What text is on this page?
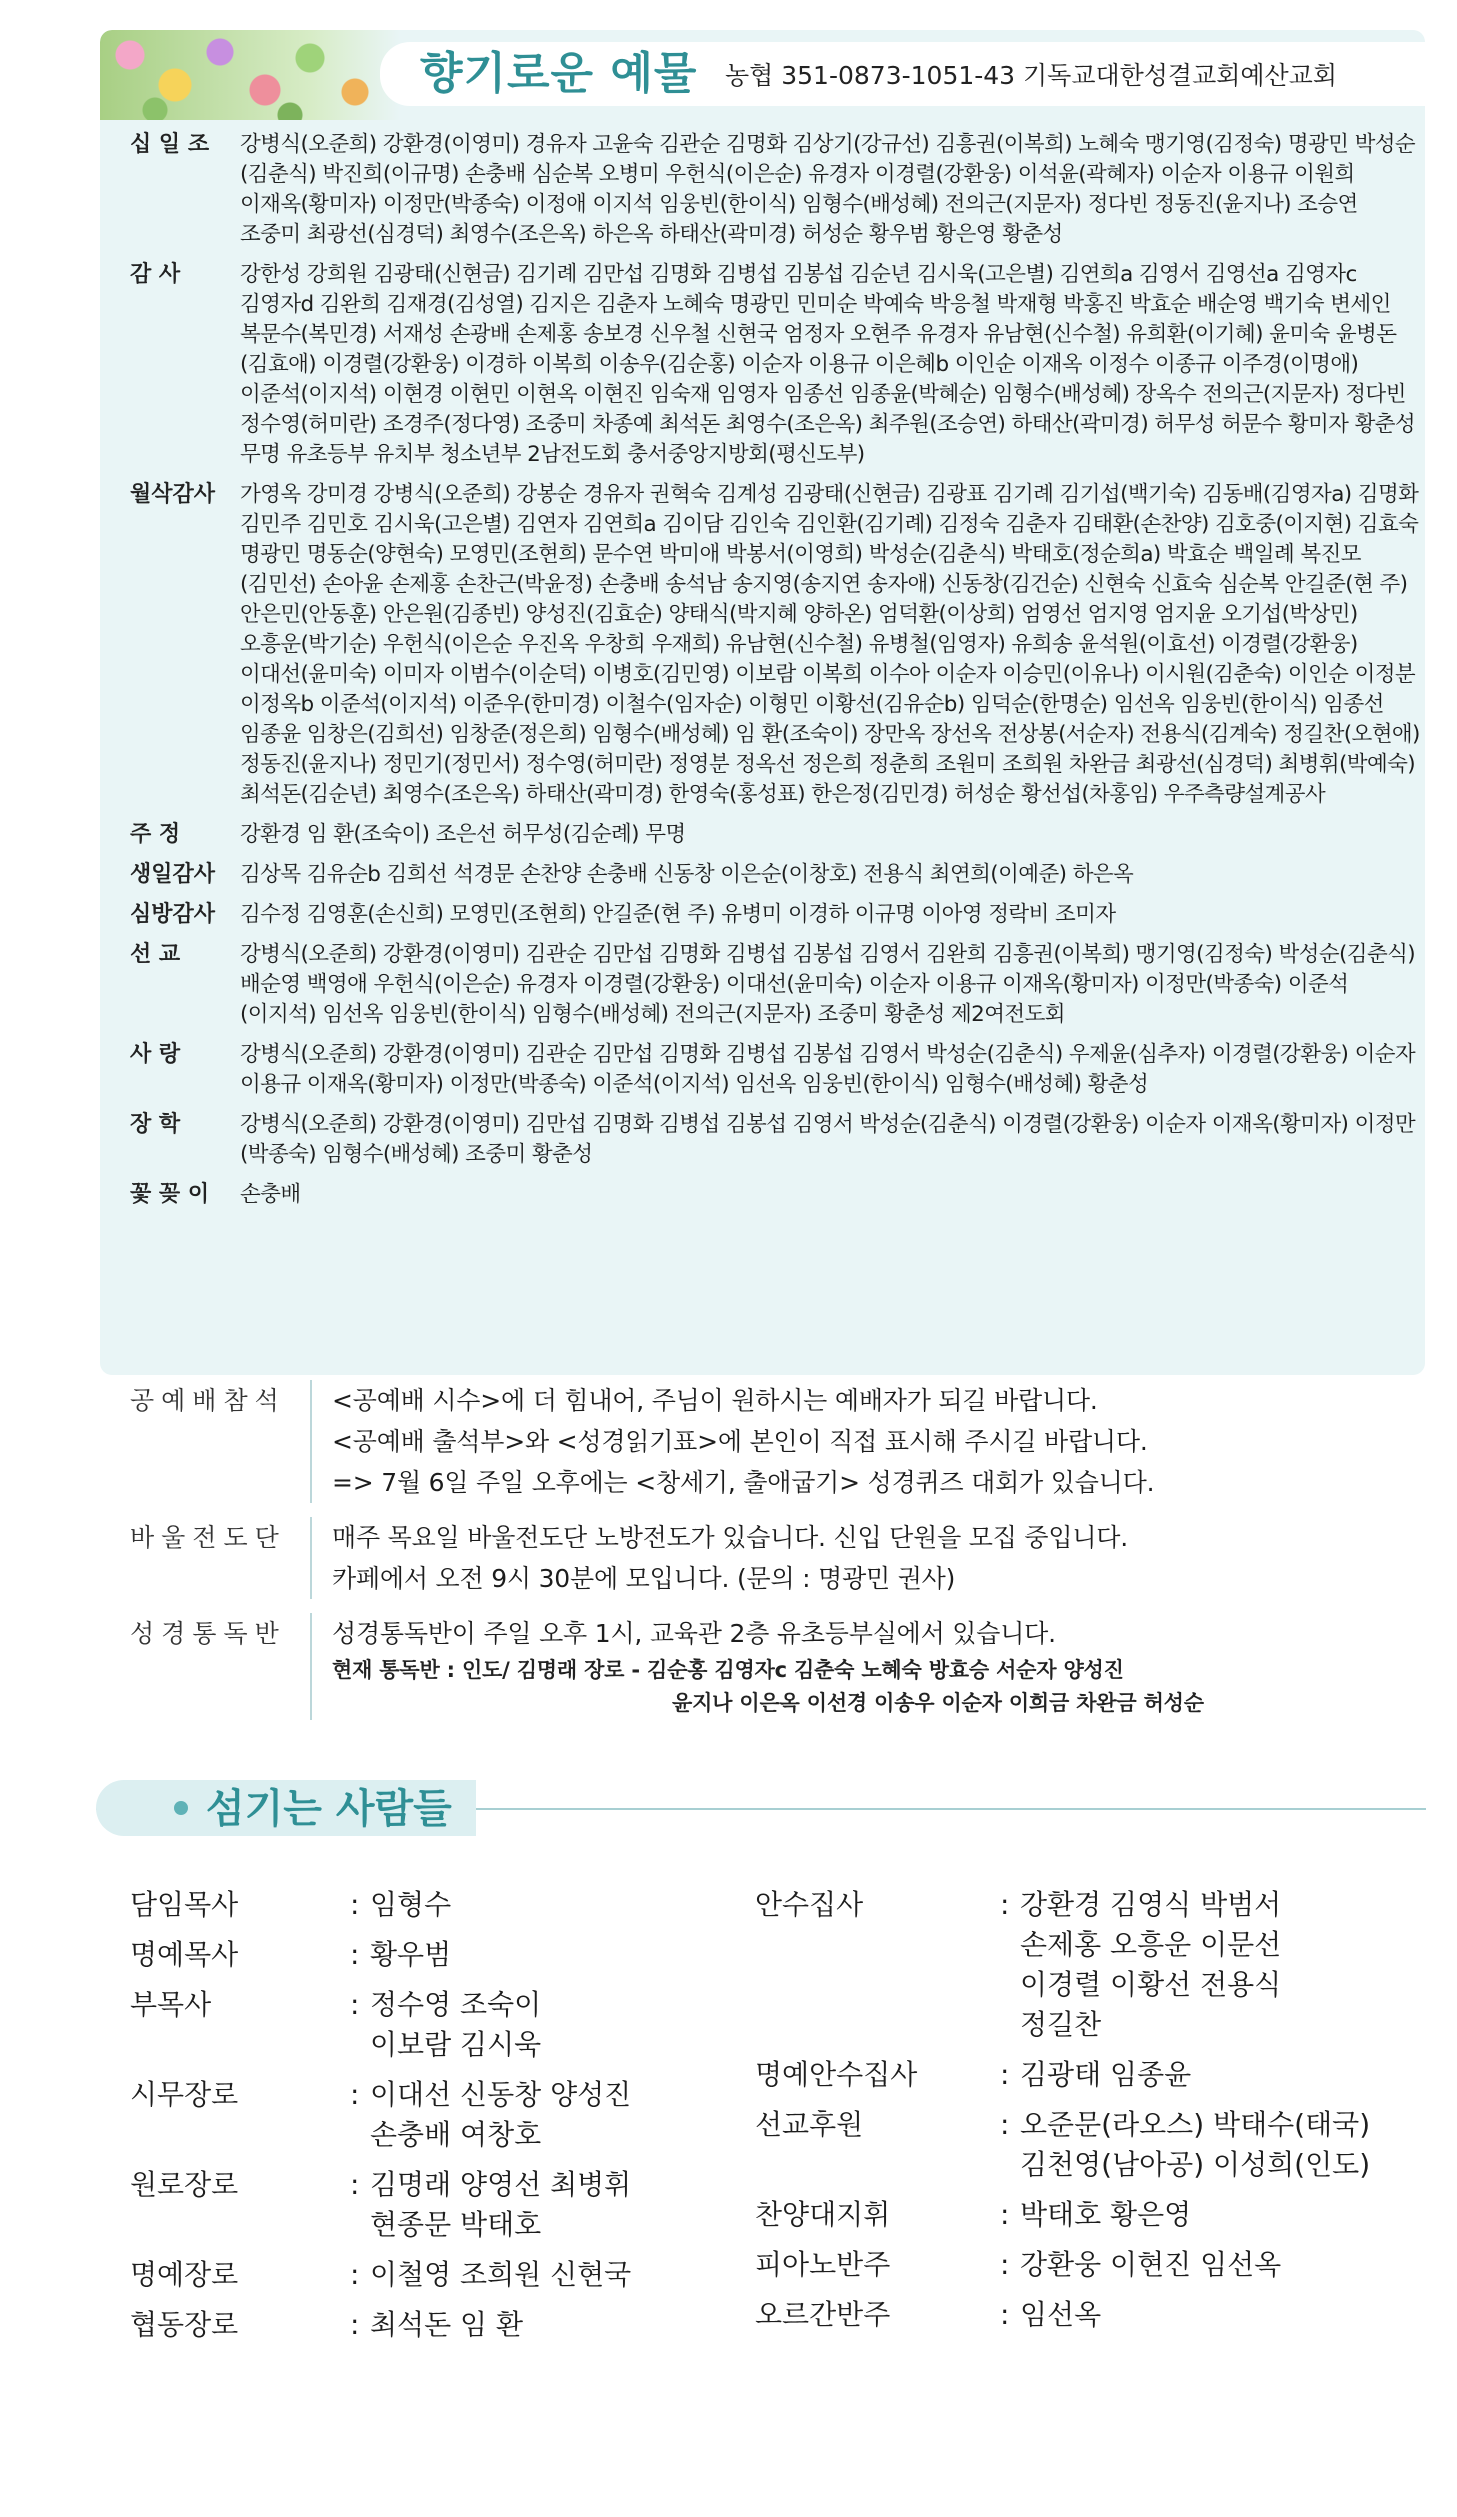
향기로운 예물 농협 351-0873-1051-43 기독교대한성결교회예산교회
십 일 조	강병식(오준희) 강환경(이영미) 경유자 고윤숙 김관순 김명화 김상기(강규선) 김흥권(이복희) 노혜숙 맹기영(김정숙) 명광민 박성순(김춘식) 박진희(이규명) 손충배 심순복 오병미 우헌식(이은순) 유경자 이경렬(강환웅) 이석윤(곽혜자) 이순자 이용규 이원희 이재옥(황미자) 이정만(박종숙) 이정애 이지석 임웅빈(한이식) 임형수(배성혜) 전의근(지문자) 정다빈 정동진(윤지나) 조승연 조중미 최광선(심경덕) 최영수(조은옥) 하은옥 하태산(곽미경) 허성순 황우범 황은영 황춘성
감 사	강한성 강희원 김광태(신현금) 김기례 김만섭 김명화 김병섭 김봉섭 김순년 김시욱(고은별) 김연희a 김영서 김영선a 김영자c 김영자d 김완희 김재경(김성열) 김지은 김춘자 노혜숙 명광민 민미순 박예숙 박응철 박재형 박홍진 박효순 배순영 백기숙 변세인 복문수(복민경) 서재성 손광배 손제홍 송보경 신우철 신현국 엄정자 오현주 유경자 유남현(신수철) 유희환(이기혜) 윤미숙 윤병돈(김효애) 이경렬(강환웅) 이경하 이복희 이송우(김순홍) 이순자 이용규 이은혜b 이인순 이재옥 이정수 이종규 이주경(이명애) 이준석(이지석) 이현경 이현민 이현옥 이현진 임숙재 임영자 임종선 임종윤(박혜순) 임형수(배성혜) 장옥수 전의근(지문자) 정다빈 정수영(허미란) 조경주(정다영) 조중미 차종예 최석돈 최영수(조은옥) 최주원(조승연) 하태산(곽미경) 허무성 허문수 황미자 황춘성 무명 유초등부 유치부 청소년부 2남전도회 충서중앙지방회(평신도부)
월삭감사	가영옥 강미경 강병식(오준희) 강봉순 경유자 권혁숙 김계성 김광태(신현금) 김광표 김기례 김기섭(백기숙) 김동배(김영자a) 김명화 김민주 김민호 김시욱(고은별) 김연자 김연희a 김이담 김인숙 김인환(김기례) 김정숙 김춘자 김태환(손찬양) 김호중(이지현) 김효숙 명광민 명동순(양현숙) 모영민(조현희) 문수연 박미애 박봉서(이영희) 박성순(김춘식) 박태호(정순희a) 박효순 백일례 복진모(김민선) 손아윤 손제홍 손찬근(박윤정) 손충배 송석남 송지영(송지연 송자애) 신동창(김건순) 신현숙 신효숙 심순복 안길준(현 주) 안은민(안동훈) 안은원(김종빈) 양성진(김효순) 양태식(박지혜 양하온) 엄덕환(이상희) 엄영선 엄지영 엄지윤 오기섭(박상민) 오흥운(박기순) 우헌식(이은순 우진옥 우창희 우재희) 유남현(신수철) 유병철(임영자) 유희송 윤석원(이효선) 이경렬(강환웅) 이대선(윤미숙) 이미자 이범수(이순덕) 이병호(김민영) 이보람 이복희 이수아 이순자 이승민(이유나) 이시원(김춘숙) 이인순 이정분 이정옥b 이준석(이지석) 이준우(한미경) 이철수(임자순) 이형민 이황선(김유순b) 임덕순(한명순) 임선옥 임웅빈(한이식) 임종선 임종윤 임창은(김희선) 임창준(정은희) 임형수(배성혜) 임 환(조숙이) 장만옥 장선옥 전상봉(서순자) 전용식(김계숙) 정길찬(오현애) 정동진(윤지나) 정민기(정민서) 정수영(허미란) 정영분 정옥선 정은희 정춘희 조원미 조희원 차완금 최광선(심경덕) 최병휘(박예숙) 최석돈(김순년) 최영수(조은옥) 하태산(곽미경) 한영숙(홍성표) 한은정(김민경) 허성순 황선섭(차홍임) 우주측량설계공사
주 정	강환경 임 환(조숙이) 조은선 허무성(김순례) 무명
생일감사	김상목 김유순b 김희선 석경문 손찬양 손충배 신동창 이은순(이창호) 전용식 최연희(이예준) 하은옥
심방감사	김수정 김영훈(손신희) 모영민(조현희) 안길준(현 주) 유병미 이경하 이규명 이아영 정락비 조미자
선 교	강병식(오준희) 강환경(이영미) 김관순 김만섭 김명화 김병섭 김봉섭 김영서 김완희 김흥권(이복희) 맹기영(김정숙) 박성순(김춘식) 배순영 백영애 우헌식(이은순) 유경자 이경렬(강환웅) 이대선(윤미숙) 이순자 이용규 이재옥(황미자) 이정만(박종숙) 이준석(이지석) 임선옥 임웅빈(한이식) 임형수(배성혜) 전의근(지문자) 조중미 황춘성 제2여전도회
사 랑	강병식(오준희) 강환경(이영미) 김관순 김만섭 김명화 김병섭 김봉섭 김영서 박성순(김춘식) 우제윤(심추자) 이경렬(강환웅) 이순자 이용규 이재옥(황미자) 이정만(박종숙) 이준석(이지석) 임선옥 임웅빈(한이식) 임형수(배성혜) 황춘성
장 학	강병식(오준희) 강환경(이영미) 김만섭 김명화 김병섭 김봉섭 김영서 박성순(김춘식) 이경렬(강환웅) 이순자 이재옥(황미자) 이정만(박종숙) 임형수(배성혜) 조중미 황춘성
꽃 꽂 이	손충배
공예배참석	<공예배 시수>에 더 힘내어, 주님이 원하시는 예배자가 되길 바랍니다.
<공예배 출석부>와 <성경읽기표>에 본인이 직접 표시해 주시길 바랍니다.
=> 7월 6일 주일 오후에는 <창세기, 출애굽기> 성경퀴즈 대회가 있습니다.
바울전도단	매주 목요일 바울전도단 노방전도가 있습니다. 신입 단원을 모집 중입니다.
카페에서 오전 9시 30분에 모입니다. (문의 : 명광민 권사)
성경통독반	성경통독반이 주일 오후 1시, 교육관 2층 유초등부실에서 있습니다.
현재 통독반 : 인도/ 김명래 장로 - 김순홍 김영자c 김춘숙 노혜숙 방효승 서순자 양성진
윤지나 이은옥 이선경 이송우 이순자 이희금 차완금 허성순
섬기는 사람들
담임목사	: 임형수
명예목사	: 황우범
부목사	: 정수영 조숙이
이보람 김시욱
시무장로	: 이대선 신동창 양성진
손충배 여창호
원로장로	: 김명래 양영선 최병휘
현종문 박태호
명예장로	: 이철영 조희원 신현국
협동장로	: 최석돈 임 환
안수집사	: 강환경 김영식 박범서
손제홍 오흥운 이문선
이경렬 이황선 전용식
정길찬
명예안수집사	: 김광태 임종윤
선교후원	: 오준문(라오스) 박태수(태국)
김천영(남아공) 이성희(인도)
찬양대지휘	: 박태호 황은영
피아노반주	: 강환웅 이현진 임선옥
오르간반주	: 임선옥
